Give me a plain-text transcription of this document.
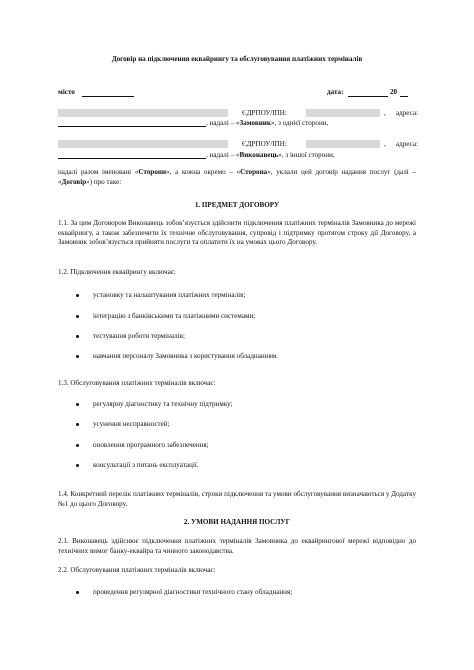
Договір на підключення еквайрингу та обслуговування платіжних терміналів
місто	дата:	20
ЄДРПОУ/ІПН:	, адреса:
, надалі – «Замовник», з однієї сторони,
ЄДРПОУ/ІПН:	, адреса:
, надалі – «Виконавець», з іншої сторони,
надалі разом іменовані «Сторони», а кожна окремо – «Сторона», уклали цей договір надання послуг (далі – «Договір») про таке:
1. ПРЕДМЕТ ДОГОВОРУ
1.1. За цим Договором Виконавець зобов’язується здійснити підключення платіжних терміналів Замовника до мережі еквайрингу, а також забезпечити їх технічне обслуговування, супровід і підтримку протягом строку дії Договору, а Замовник зобов’язується прийняти послуги та оплатити їх на умовах цього Договору.
1.2. Підключення еквайрингу включає:
установку та налаштування платіжних терміналів;
інтеграцію з банківськими та платіжними системами;
тестування роботи терміналів;
навчання персоналу Замовника з користування обладнанням.
1.3. Обслуговування платіжних терміналів включає:
регулярну діагностику та технічну підтримку;
усунення несправностей;
оновлення програмного забезпечення;
консультації з питань експлуатації.
1.4. Конкретний перелік платіжних терміналів, строки підключення та умови обслуговування визначаються у Додатку №1 до цього Договору.
2. УМОВИ НАДАННЯ ПОСЛУГ
2.1. Виконавець здійснює підключення платіжних терміналів Замовника до еквайрингової мережі відповідно до технічних вимог банку-еквайра та чинного законодавства.
2.2. Обслуговування платіжних терміналів включає:
проведення регулярної діагностики технічного стану обладнання;
